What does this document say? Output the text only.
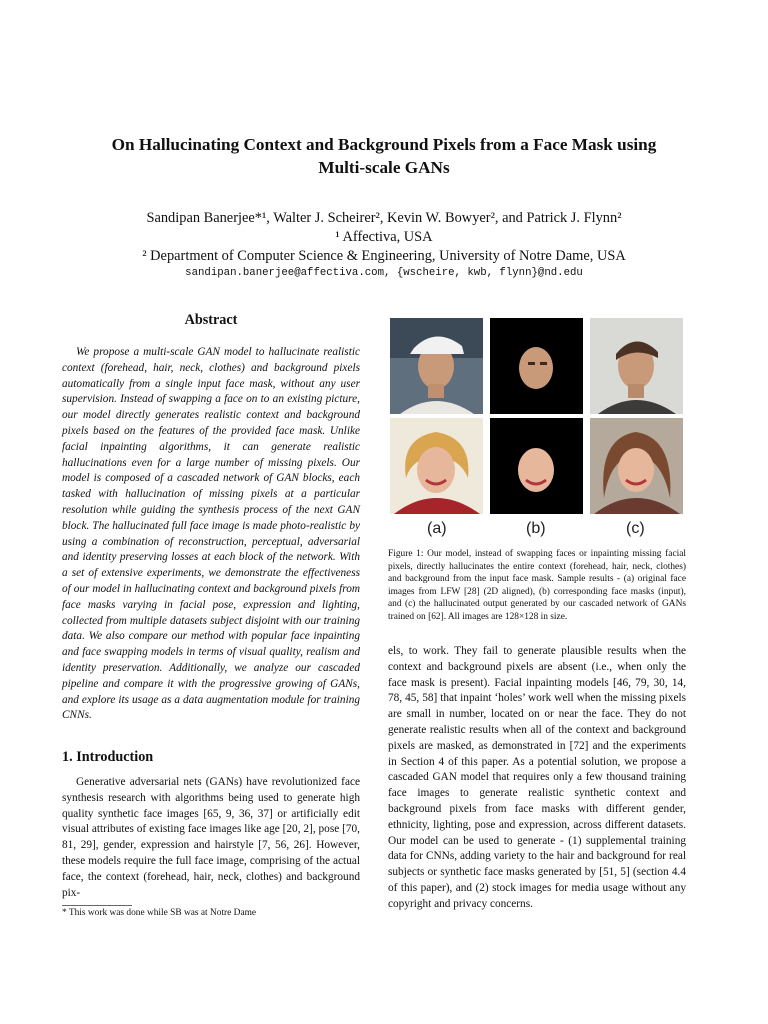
On Hallucinating Context and Background Pixels from a Face Mask using
Multi-scale GANs
Sandipan Banerjee*¹, Walter J. Scheirer², Kevin W. Bowyer², and Patrick J. Flynn²
¹ Affectiva, USA
² Department of Computer Science & Engineering, University of Notre Dame, USA
sandipan.banerjee@affectiva.com, {wscheire, kwb, flynn}@nd.edu
Abstract

We propose a multi-scale GAN model to hallucinate realistic context (forehead, hair, neck, clothes) and background pixels automatically from a single input face mask, without any user supervision. Instead of swapping a face on to an existing picture, our model directly generates realistic context and background pixels based on the features of the provided face mask. Unlike facial inpainting algorithms, it can generate realistic hallucinations even for a large number of missing pixels. Our model is composed of a cascaded network of GAN blocks, each tasked with hallucination of missing pixels at a particular resolution while guiding the synthesis process of the next GAN block. The hallucinated full face image is made photo-realistic by using a combination of reconstruction, perceptual, adversarial and identity preserving losses at each block of the network. With a set of extensive experiments, we demonstrate the effectiveness of our model in hallucinating context and background pixels from face masks varying in facial pose, expression and lighting, collected from multiple datasets subject disjoint with our training data. We also compare our method with popular face inpainting and face swapping models in terms of visual quality, realism and identity preservation. Additionally, we analyze our cascaded pipeline and compare it with the progressive growing of GANs, and explore its usage as a data augmentation module for training CNNs.

1. Introduction

Generative adversarial nets (GANs) have revolutionized face synthesis research with algorithms being used to generate high quality synthetic face images [65, 9, 36, 37] or artificially edit visual attributes of existing face images like age [20, 2], pose [70, 81, 29], gender, expression and hairstyle [7, 56, 26]. However, these models require the full face image, comprising of the actual face, the context (forehead, hair, neck, clothes) and background pix-

* This work was done while SB was at Notre Dame
(a)	(b)	(c)

Figure 1: Our model, instead of swapping faces or inpainting missing facial pixels, directly hallucinates the entire context (forehead, hair, neck, clothes) and background from the input face mask. Sample results - (a) original face images from LFW [28] (2D aligned), (b) corresponding face masks (input), and (c) the hallucinated output generated by our cascaded network of GANs trained on [62]. All images are 128×128 in size.

els, to work. They fail to generate plausible results when the context and background pixels are absent (i.e., when only the face mask is present). Facial inpainting models [46, 79, 30, 14, 78, 45, 58] that inpaint ‘holes’ work well when the missing pixels are small in number, located on or near the face. They do not generate realistic results when all of the context and background pixels are masked, as demonstrated in [72] and the experiments in Section 4 of this paper. As a potential solution, we propose a cascaded GAN model that requires only a few thousand training face images to generate realistic synthetic context and background pixels from face masks with different gender, ethnicity, lighting, pose and expression, across different datasets. Our model can be used to generate - (1) supplemental training data for CNNs, adding variety to the hair and background for real subjects or synthetic face masks generated by [51, 5] (section 4.4 of this paper), and (2) stock images for media usage without any copyright and privacy concerns.
